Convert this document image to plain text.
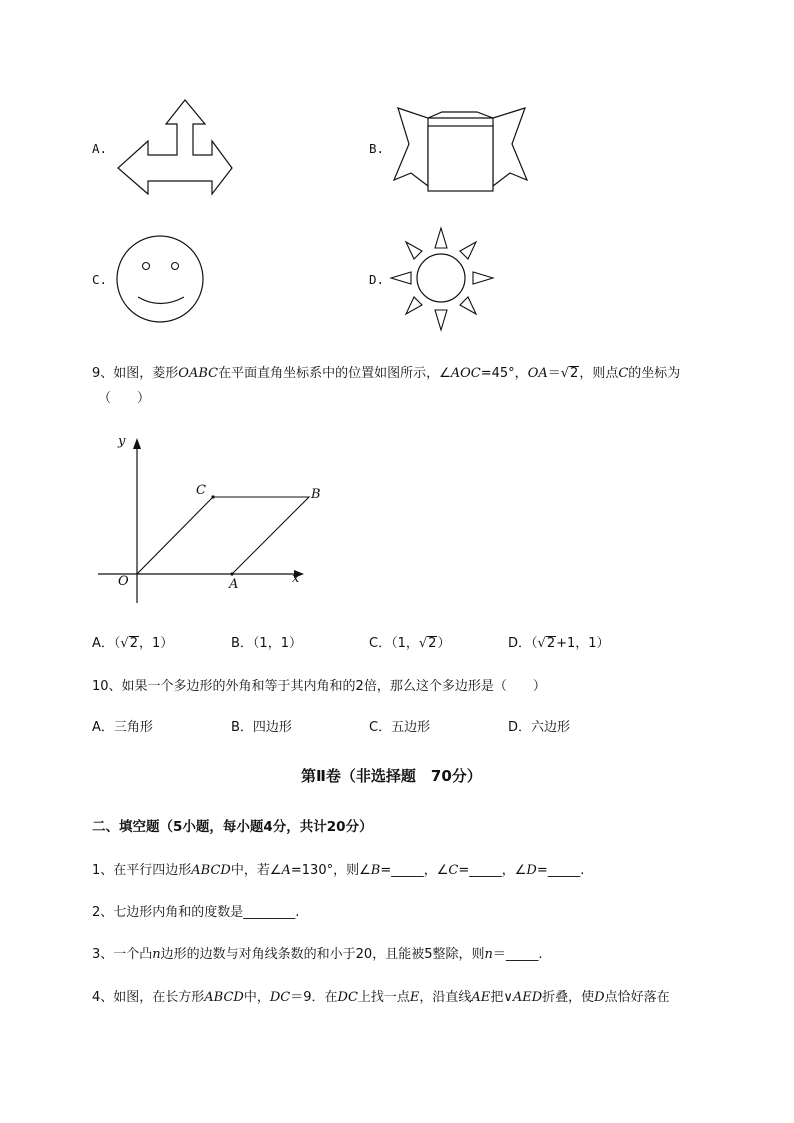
A.	B.
C.	D.
9、如图，菱形OABC在平面直角坐标系中的位置如图所示，∠AOC=45°，OA＝√2，则点C的坐标为
（　　）
y
x
O	A
B
C
A．（√2，1）	B．（1，1）	C．（1，√2）	D．（√2+1，1）
10、如果一个多边形的外角和等于其内角和的2倍，那么这个多边形是（　　）
A．三角形	B．四边形	C．五边形	D．六边形
第Ⅱ卷（非选择题　70分）
二、填空题（5小题，每小题4分，共计20分）
1、在平行四边形ABCD中，若∠A=130°，则∠B=_____，∠C=_____，∠D=_____.
2、七边形内角和的度数是________.
3、一个凸n边形的边数与对角线条数的和小于20，且能被5整除，则n＝_____.
4、如图，在长方形ABCD中，DC＝9．在DC上找一点E，沿直线AE把∨AED折叠，使D点恰好落在
